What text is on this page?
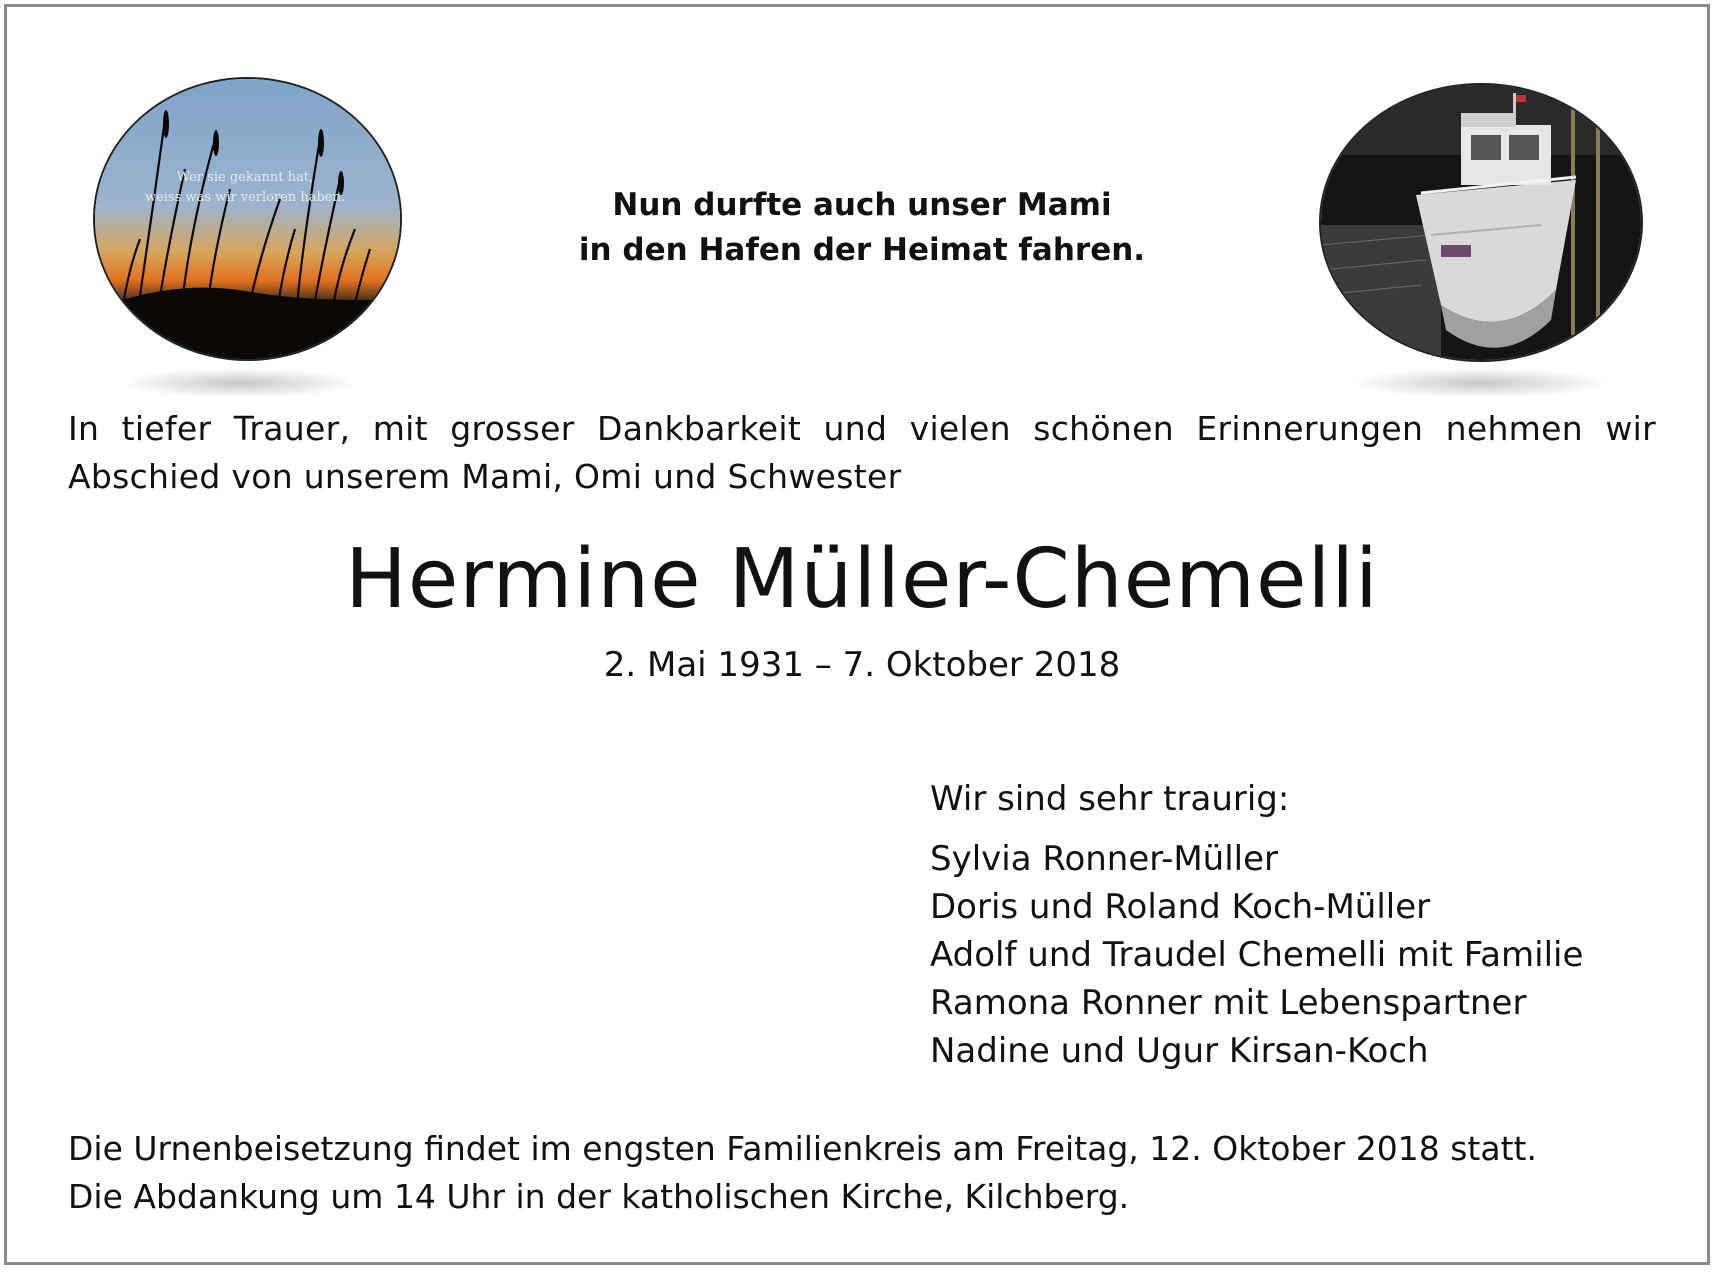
Wer sie gekannt hat,
weiss was wir verloren haben.	Nun durfte auch unser Mami
in den Hafen der Heimat fahren.
In tiefer Trauer, mit grosser Dankbarkeit und vielen schönen Erinnerungen nehmen wir
Abschied von unserem Mami, Omi und Schwester
Hermine Müller-Chemelli
2. Mai 1931 – 7. Oktober 2018
Wir sind sehr traurig:
Sylvia Ronner-Müller
Doris und Roland Koch-Müller
Adolf und Traudel Chemelli mit Familie
Ramona Ronner mit Lebenspartner
Nadine und Ugur Kirsan-Koch
Die Urnenbeisetzung findet im engsten Familienkreis am Freitag, 12. Oktober 2018 statt.
Die Abdankung um 14 Uhr in der katholischen Kirche, Kilchberg.
